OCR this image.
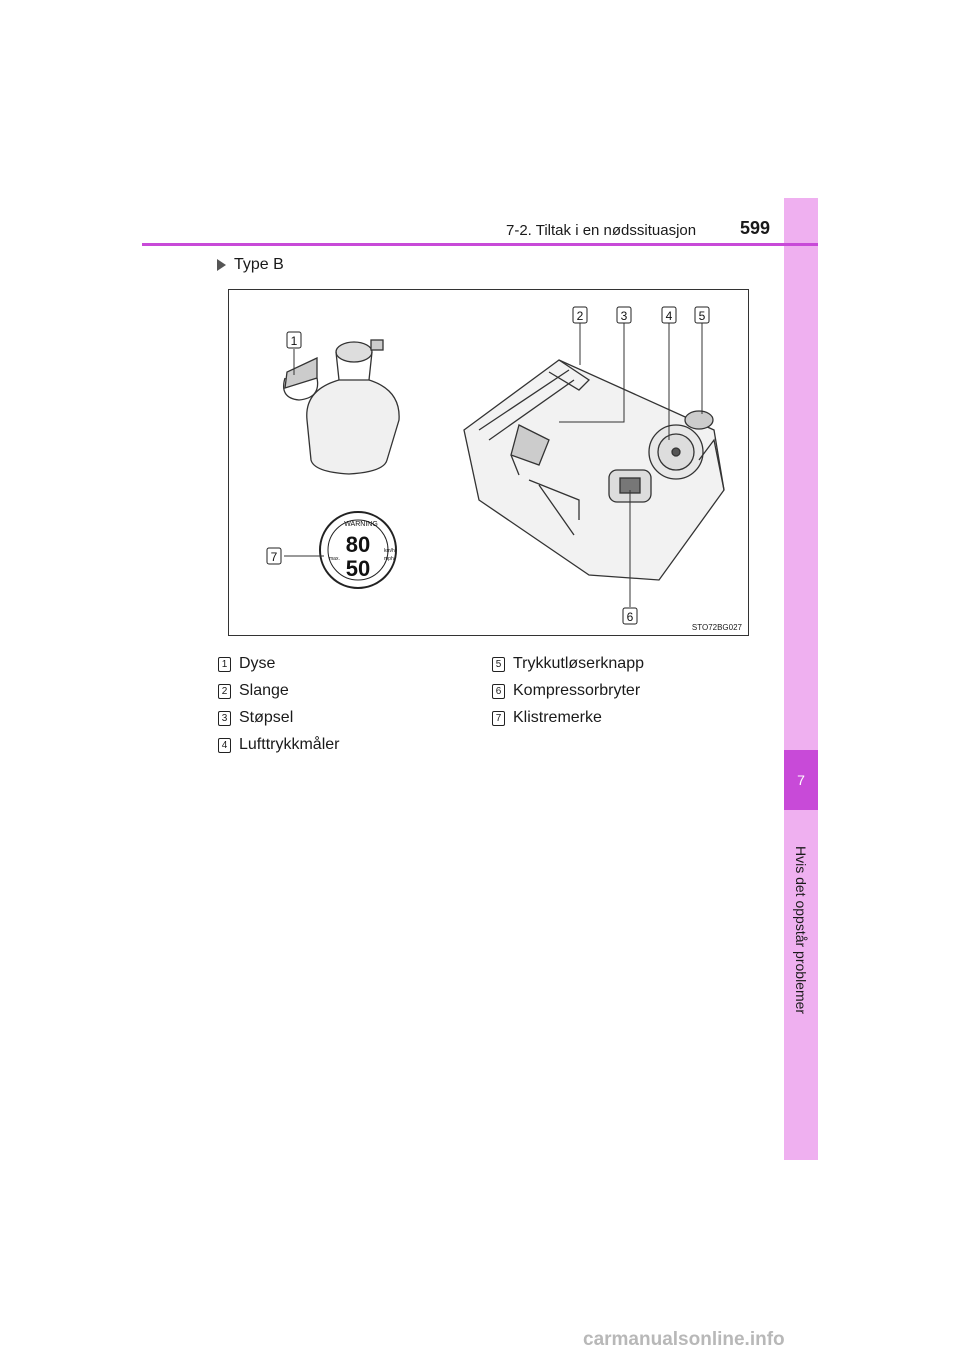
7
Hvis det oppstår problemer
7-2. Tiltak i en nødssituasjon 599
Type B
80
50
WARNING
km/h
mph
max.
1
2	3	4 5
6
7
STO72BG027
1 Dyse
2 Slange
3 Støpsel
4 Lufttrykkmåler
5 Trykkutløserknapp
6 Kompressorbryter
7 Klistremerke
carmanualsonline.info
